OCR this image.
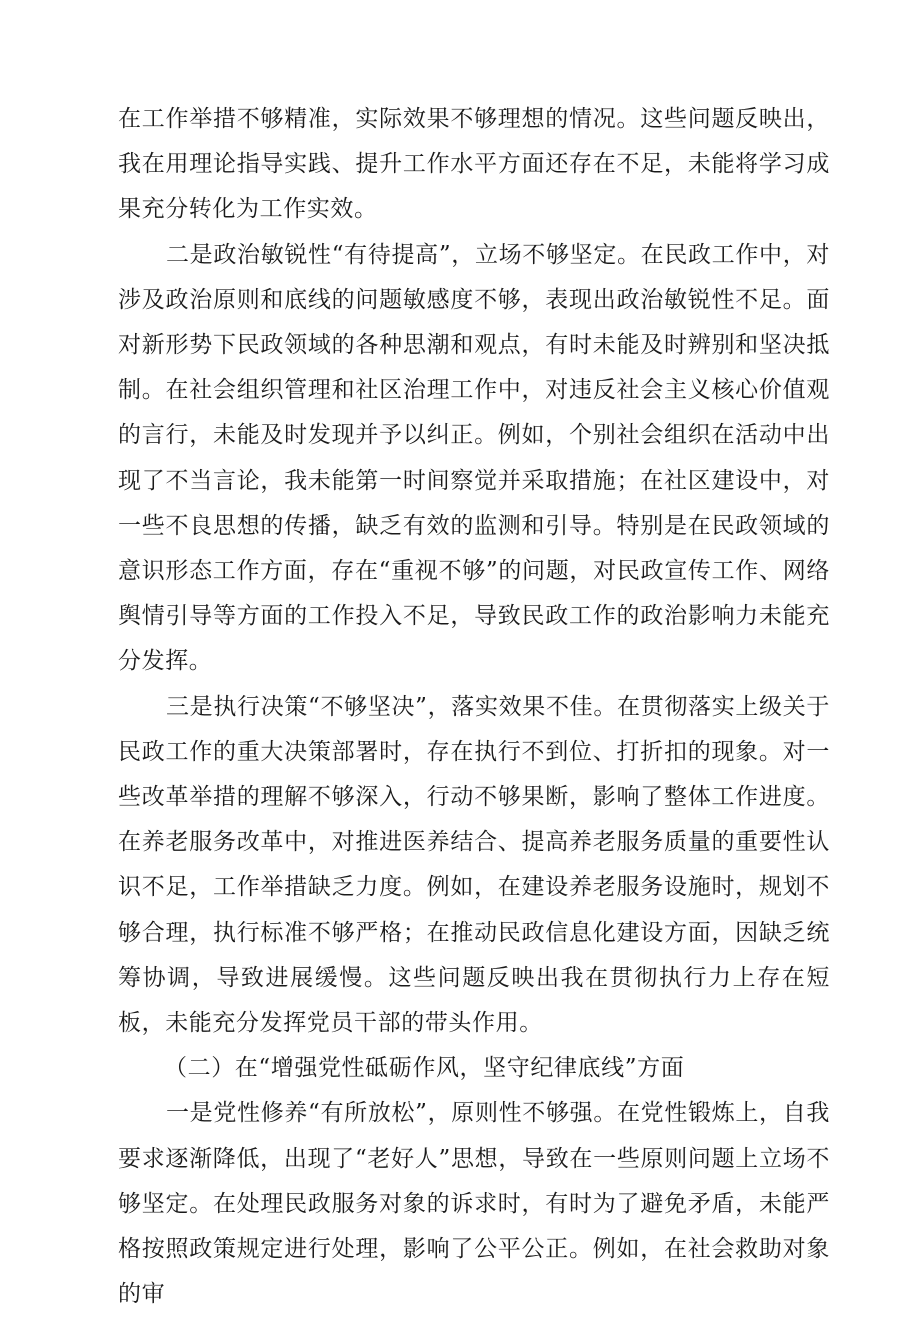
在工作举措不够精准，实际效果不够理想的情况。这些问题反映出，我在用理论指导实践、提升工作水平方面还存在不足，未能将学习成果充分转化为工作实效。

二是政治敏锐性“有待提高”，立场不够坚定。在民政工作中，对涉及政治原则和底线的问题敏感度不够，表现出政治敏锐性不足。面对新形势下民政领域的各种思潮和观点，有时未能及时辨别和坚决抵制。在社会组织管理和社区治理工作中，对违反社会主义核心价值观的言行，未能及时发现并予以纠正。例如，个别社会组织在活动中出现了不当言论，我未能第一时间察觉并采取措施；在社区建设中，对一些不良思想的传播，缺乏有效的监测和引导。特别是在民政领域的意识形态工作方面，存在“重视不够”的问题，对民政宣传工作、网络舆情引导等方面的工作投入不足，导致民政工作的政治影响力未能充分发挥。

三是执行决策“不够坚决”，落实效果不佳。在贯彻落实上级关于民政工作的重大决策部署时，存在执行不到位、打折扣的现象。对一些改革举措的理解不够深入，行动不够果断，影响了整体工作进度。在养老服务改革中，对推进医养结合、提高养老服务质量的重要性认识不足，工作举措缺乏力度。例如，在建设养老服务设施时，规划不够合理，执行标准不够严格；在推动民政信息化建设方面，因缺乏统筹协调，导致进展缓慢。这些问题反映出我在贯彻执行力上存在短板，未能充分发挥党员干部的带头作用。

（二）在“增强党性砥砺作风，坚守纪律底线”方面

一是党性修养“有所放松”，原则性不够强。在党性锻炼上，自我要求逐渐降低，出现了“老好人”思想，导致在一些原则问题上立场不够坚定。在处理民政服务对象的诉求时，有时为了避免矛盾，未能严格按照政策规定进行处理，影响了公平公正。例如，在社会救助对象的审
